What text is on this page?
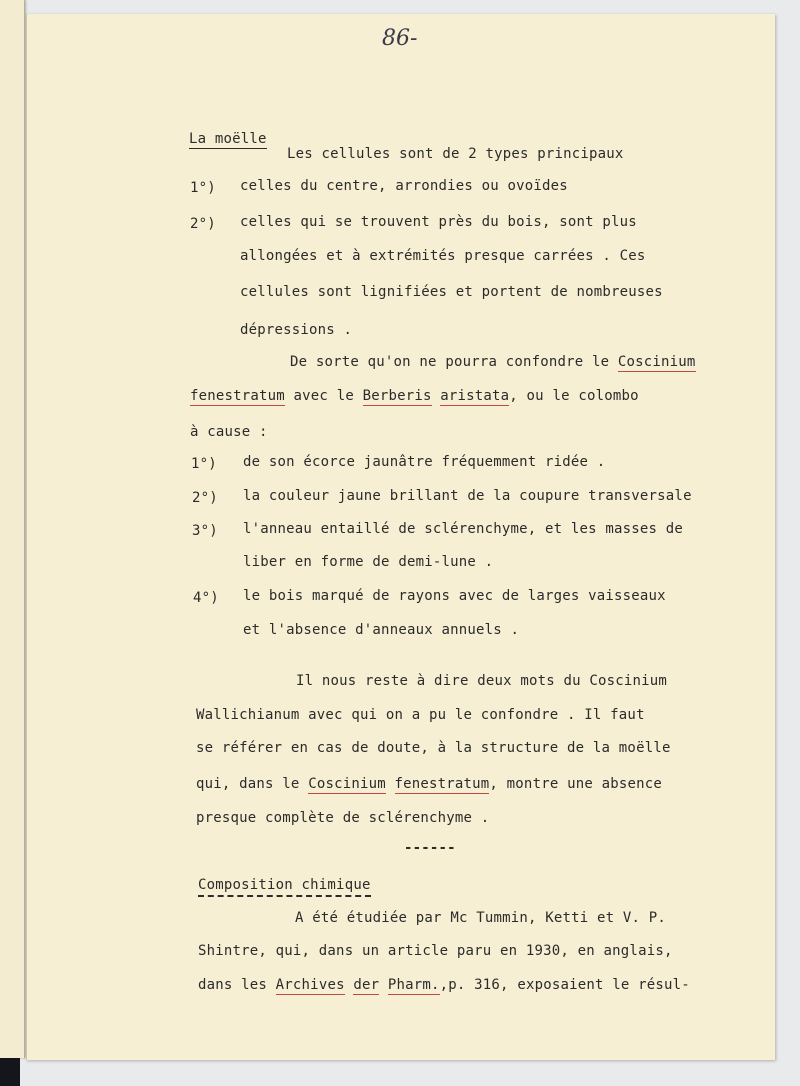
86-
La moëlle
Les cellules sont de 2 types principaux
1°) celles du centre, arrondies ou ovoïdes
2°) celles qui se trouvent près du bois, sont plus
allongées et à extrémités presque carrées . Ces
cellules sont lignifiées et portent de nombreuses
dépressions .
De sorte qu'on ne pourra confondre le Coscinium
fenestratum avec le Berberis aristata, ou le colombo
à cause :
1°) de son écorce jaunâtre fréquemment ridée .
2°) la couleur jaune brillant de la coupure transversale
3°) l'anneau entaillé de sclérenchyme, et les masses de
liber en forme de demi-lune .
4°) le bois marqué de rayons avec de larges vaisseaux
et l'absence d'anneaux annuels .
Il nous reste à dire deux mots du Coscinium
Wallichianum avec qui on a pu le confondre . Il faut
se référer en cas de doute, à la structure de la moëlle
qui, dans le Coscinium fenestratum, montre une absence
presque complète de sclérenchyme .
------
Composition chimique
A été étudiée par Mc Tummin, Ketti et V. P.
Shintre, qui, dans un article paru en 1930, en anglais,
dans les Archives der Pharm.,p. 316, exposaient le résul-
